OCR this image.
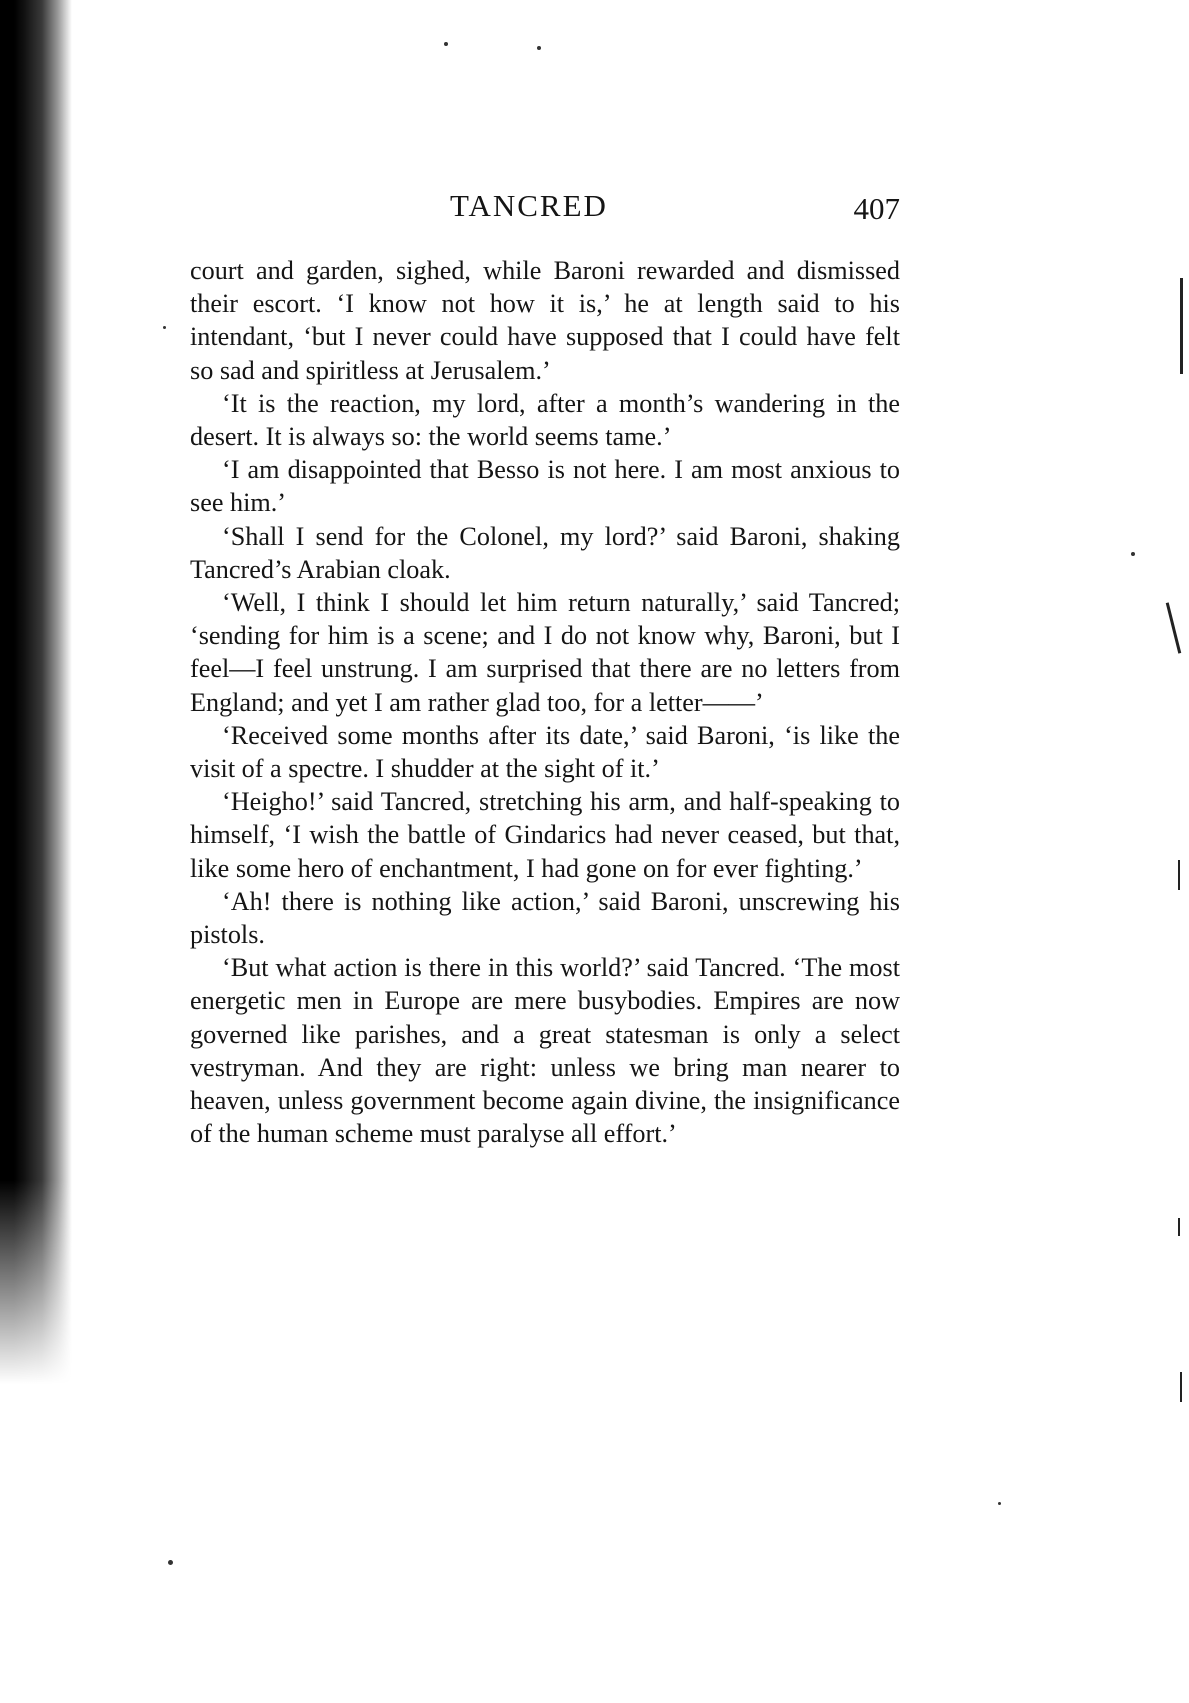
TANCRED	407

court and garden, sighed, while Baroni rewarded and dismissed their escort. ‘I know not how it is,’ he at length said to his intendant, ‘but I never could have supposed that I could have felt so sad and spiritless at Jerusalem.’

‘It is the reaction, my lord, after a month’s wandering in the desert. It is always so: the world seems tame.’

‘I am disappointed that Besso is not here. I am most anxious to see him.’

‘Shall I send for the Colonel, my lord?’ said Baroni, shaking Tancred’s Arabian cloak.

‘Well, I think I should let him return naturally,’ said Tancred; ‘sending for him is a scene; and I do not know why, Baroni, but I feel—I feel unstrung. I am surprised that there are no letters from England; and yet I am rather glad too, for a letter——’

‘Received some months after its date,’ said Baroni, ‘is like the visit of a spectre. I shudder at the sight of it.’

‘Heigho!’ said Tancred, stretching his arm, and half-speaking to himself, ‘I wish the battle of Gindarics had never ceased, but that, like some hero of enchantment, I had gone on for ever fighting.’

‘Ah! there is nothing like action,’ said Baroni, unscrewing his pistols.

‘But what action is there in this world?’ said Tancred. ‘The most energetic men in Europe are mere busybodies. Empires are now governed like parishes, and a great statesman is only a select vestryman. And they are right: unless we bring man nearer to heaven, unless government become again divine, the insignificance of the human scheme must paralyse all effort.’
